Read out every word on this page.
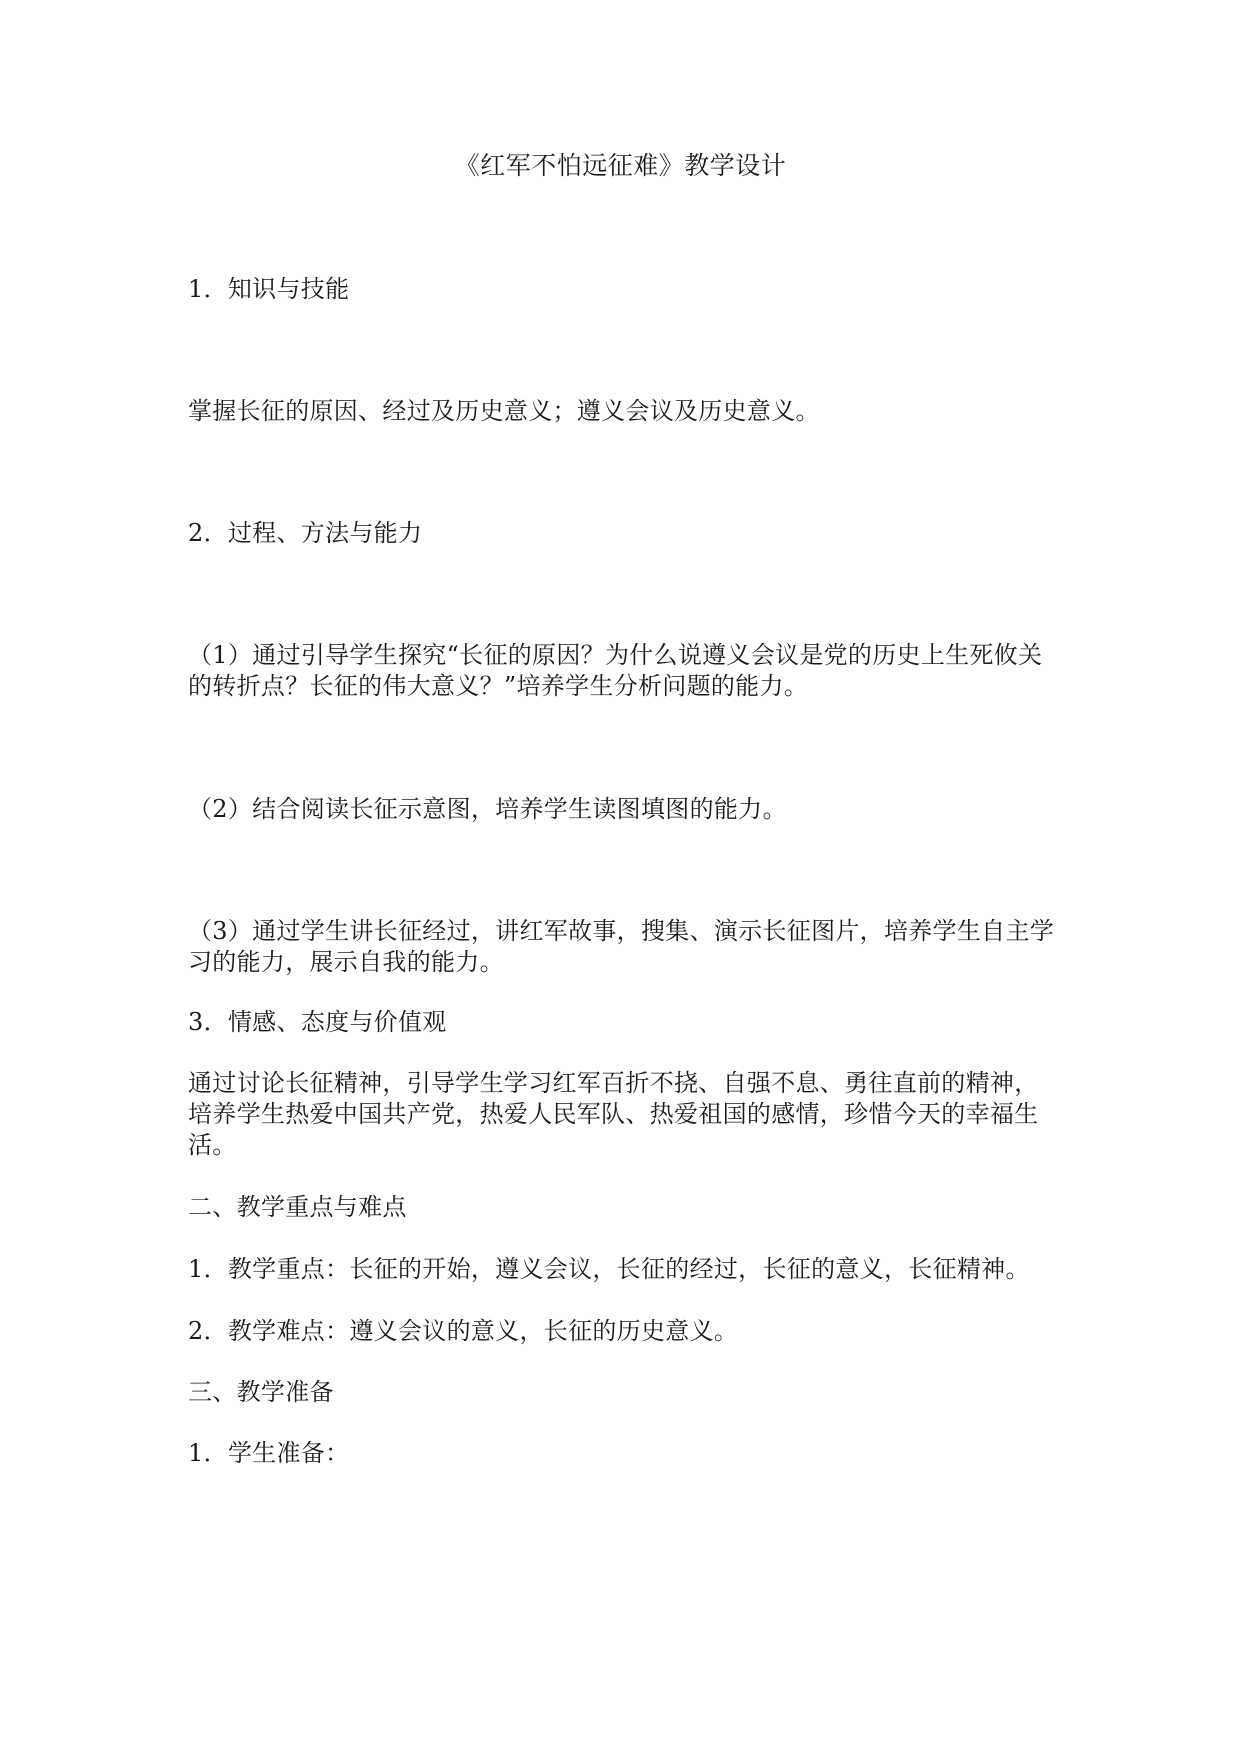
《红军不怕远征难》教学设计
1．知识与技能
掌握长征的原因、经过及历史意义；遵义会议及历史意义。
2．过程、方法与能力
（1）通过引导学生探究“长征的原因？为什么说遵义会议是党的历史上生死攸关的转折点？长征的伟大意义？”培养学生分析问题的能力。
（2）结合阅读长征示意图，培养学生读图填图的能力。
（3）通过学生讲长征经过，讲红军故事，搜集、演示长征图片，培养学生自主学习的能力，展示自我的能力。
3．情感、态度与价值观
通过讨论长征精神，引导学生学习红军百折不挠、自强不息、勇往直前的精神，培养学生热爱中国共产党，热爱人民军队、热爱祖国的感情，珍惜今天的幸福生活。
二、教学重点与难点
1．教学重点：长征的开始，遵义会议，长征的经过，长征的意义，长征精神。
2．教学难点：遵义会议的意义，长征的历史意义。
三、教学准备
1．学生准备：
